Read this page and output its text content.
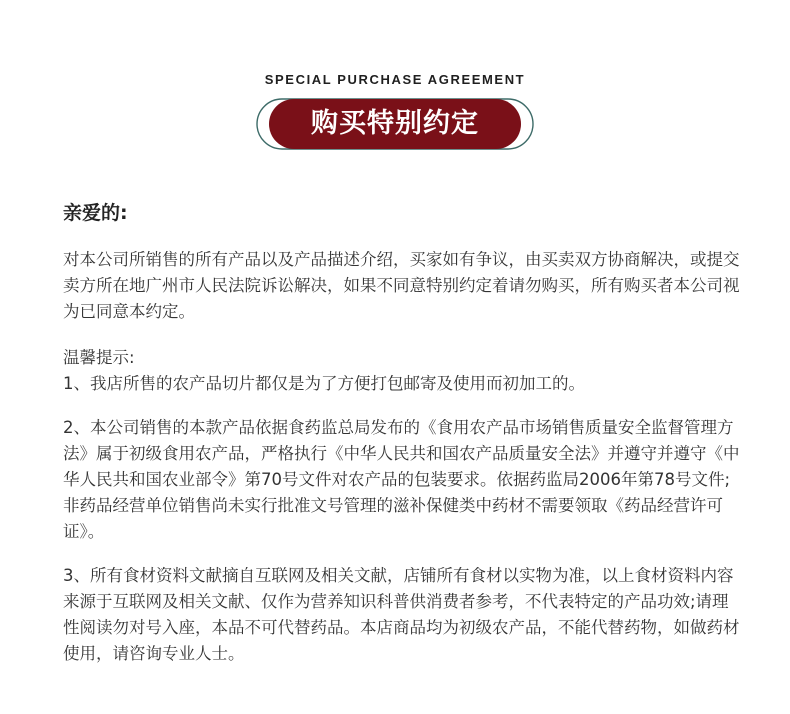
SPECIAL PURCHASE AGREEMENT
购买特别约定

亲爱的:

对本公司所销售的所有产品以及产品描述介绍，买家如有争议，由买卖双方协商解决，或提交卖方所在地广州市人民法院诉讼解决，如果不同意特别约定着请勿购买，所有购买者本公司视为已同意本约定。

温馨提示:

1、我店所售的农产品切片都仅是为了方便打包邮寄及使用而初加工的。

2、本公司销售的本款产品依据食药监总局发布的《食用农产品市场销售质量安全监督管理方法》属于初级食用农产品，严格执行《中华人民共和国农产品质量安全法》并遵守并遵守《中华人民共和国农业部令》第70号文件对农产品的包装要求。依据药监局2006年第78号文件;非药品经营单位销售尚未实行批准文号管理的滋补保健类中药材不需要领取《药品经营许可证》。

3、所有食材资料文献摘自互联网及相关文献，店铺所有食材以实物为准，以上食材资料内容来源于互联网及相关文献、仅作为营养知识科普供消费者参考，不代表特定的产品功效;请理性阅读勿对号入座，本品不可代替药品。本店商品均为初级农产品，不能代替药物，如做药材使用，请咨询专业人士。
